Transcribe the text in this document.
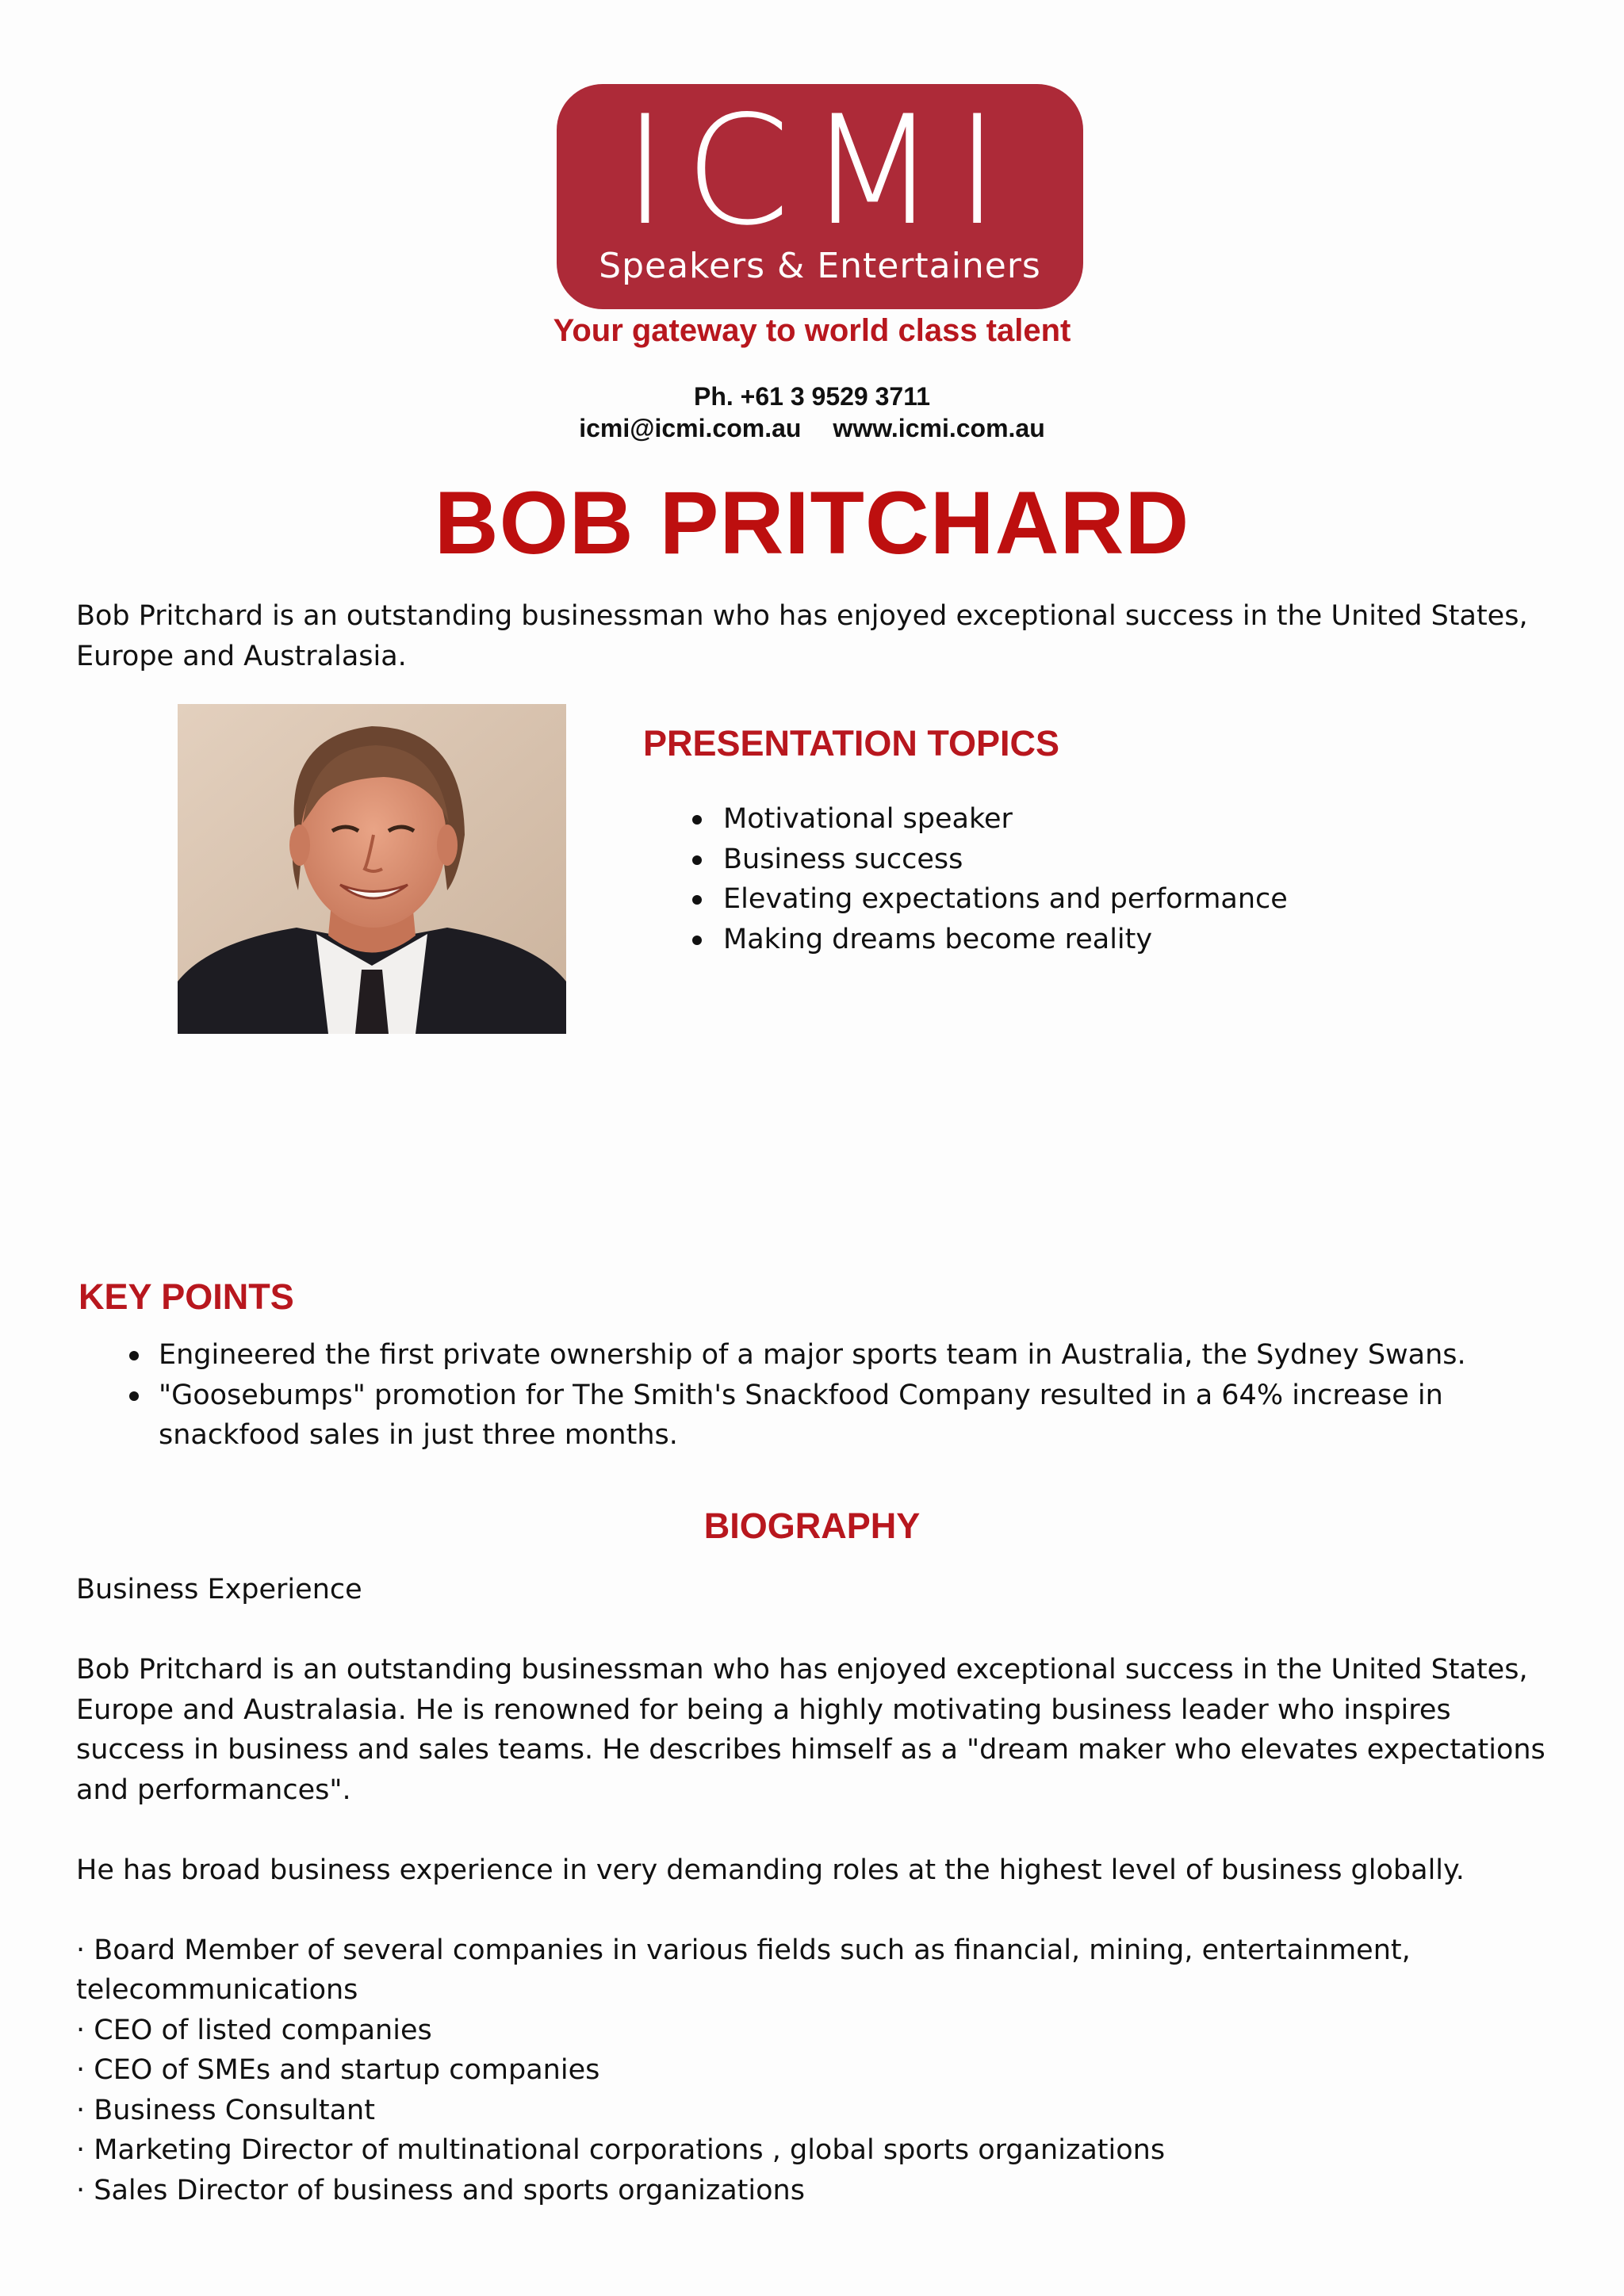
ICMI
Speakers & Entertainers
Your gateway to world class talent
Ph. +61 3 9529 3711
icmi@icmi.com.au www.icmi.com.au
BOB PRITCHARD
Bob Pritchard is an outstanding businessman who has enjoyed exceptional success in the United States, Europe and Australasia.
PRESENTATION TOPICS
Motivational speaker
Business success
Elevating expectations and performance
Making dreams become reality
KEY POINTS
Engineered the first private ownership of a major sports team in Australia, the Sydney Swans.
"Goosebumps" promotion for The Smith's Snackfood Company resulted in a 64% increase in snackfood sales in just three months.
BIOGRAPHY

Business Experience

Bob Pritchard is an outstanding businessman who has enjoyed exceptional success in the United States, Europe and Australasia. He is renowned for being a highly motivating business leader who inspires success in business and sales teams. He describes himself as a "dream maker who elevates expectations and performances".

He has broad business experience in very demanding roles at the highest level of business globally.

· Board Member of several companies in various fields such as financial, mining, entertainment, telecommunications

· CEO of listed companies

· CEO of SMEs and startup companies

· Business Consultant

· Marketing Director of multinational corporations , global sports organizations

· Sales Director of business and sports organizations
